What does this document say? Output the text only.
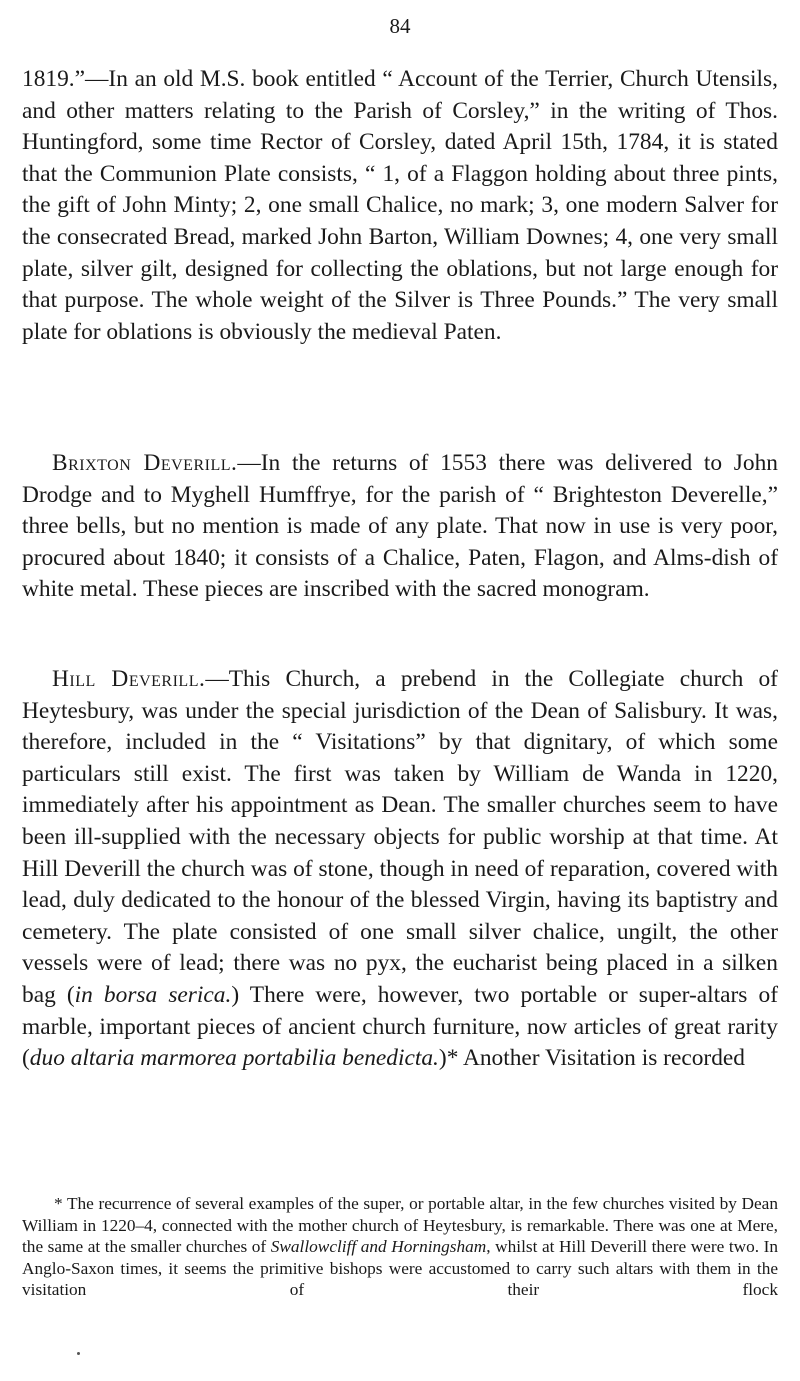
84

1819.”—In an old M.S. book entitled “ Account of the Terrier, Church Utensils, and other matters relating to the Parish of Corsley,” in the writing of Thos. Huntingford, some time Rector of Corsley, dated April 15th, 1784, it is stated that the Communion Plate consists, “ 1, of a Flaggon holding about three pints, the gift of John Minty; 2, one small Chalice, no mark; 3, one modern Salver for the consecrated Bread, marked John Barton, William Downes; 4, one very small plate, silver gilt, designed for collecting the oblations, but not large enough for that purpose. The whole weight of the Silver is Three Pounds.” The very small plate for oblations is obviously the medieval Paten.

Brixton Deverill.—In the returns of 1553 there was delivered to John Drodge and to Myghell Humffrye, for the parish of “ Brighteston Deverelle,” three bells, but no mention is made of any plate. That now in use is very poor, procured about 1840; it consists of a Chalice, Paten, Flagon, and Alms-dish of white metal. These pieces are inscribed with the sacred monogram.

Hill Deverill.—This Church, a prebend in the Collegiate church of Heytesbury, was under the special jurisdiction of the Dean of Salisbury. It was, therefore, included in the “ Visitations” by that dignitary, of which some particulars still exist. The first was taken by William de Wanda in 1220, immediately after his appointment as Dean. The smaller churches seem to have been ill-supplied with the necessary objects for public worship at that time. At Hill Deverill the church was of stone, though in need of reparation, covered with lead, duly dedicated to the honour of the blessed Virgin, having its baptistry and cemetery. The plate consisted of one small silver chalice, ungilt, the other vessels were of lead; there was no pyx, the eucharist being placed in a silken bag (in borsa serica.) There were, however, two portable or super-altars of marble, important pieces of ancient church furniture, now articles of great rarity (duo altaria marmorea portabilia benedicta.)* Another Visitation is recorded

* The recurrence of several examples of the super, or portable altar, in the few churches visited by Dean William in 1220–4, connected with the mother church of Heytesbury, is remarkable. There was one at Mere, the same at the smaller churches of Swallowcliff and Horningsham, whilst at Hill Deverill there were two. In Anglo-Saxon times, it seems the primitive bishops were accustomed to carry such altars with them in the visitation of their flock
